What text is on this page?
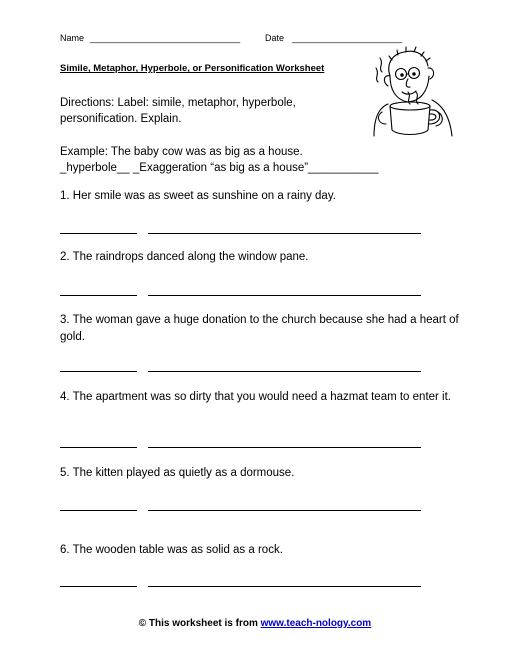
Name ______________________________	Date ______________________
Simile, Metaphor, Hyperbole, or Personification Worksheet
Directions: Label: simile, metaphor, hyperbole,
personification. Explain.
Example: The baby cow was as big as a house.
_hyperbole__ _Exaggeration “as big as a house”___________
1. Her smile was as sweet as sunshine on a rainy day.
2. The raindrops danced along the window pane.
3. The woman gave a huge donation to the church because she had a heart of gold.
4. The apartment was so dirty that you would need a hazmat team to enter it.
5. The kitten played as quietly as a dormouse.
6. The wooden table was as solid as a rock.
© This worksheet is from www.teach-nology.com
